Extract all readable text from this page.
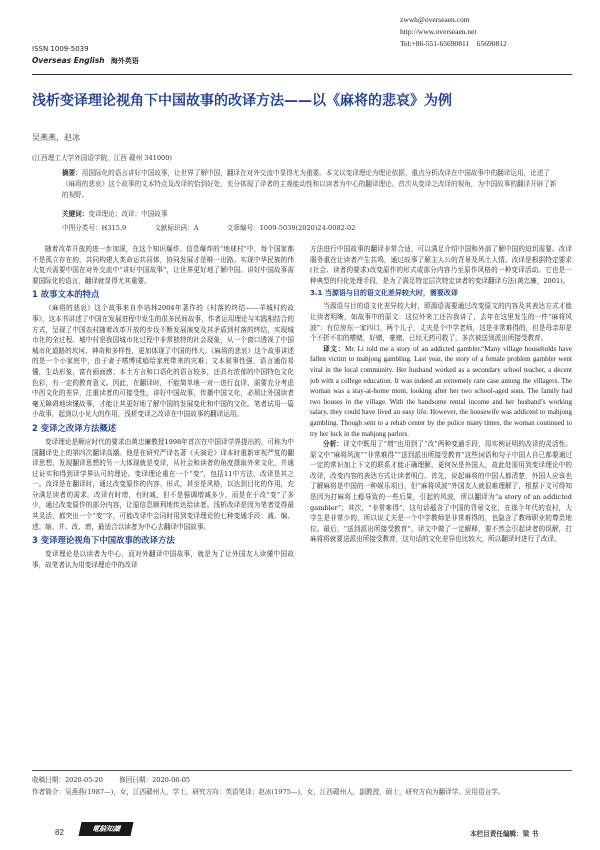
ISSN 1009-5039
Overseas English 海外英语
zwwh@overseaen.com
http://www.overseaen.net
Tel:+86-551-65690811　65690812
浅析变译理论视角下中国故事的改译方法——以《麻将的悲哀》为例
吴燕燕，赵冰
(江西理工大学外国语学院，江西 赣州 341000)
摘要：用国际化的语言讲好中国故事，让世界了解中国，翻译在对外交流中显得尤为重要。本文以变译理论为理论依据，重点分析改译在中国故事中的翻译运用，论述了《麻将的悲哀》这个故事的文本特点及改译的恰到好处，充分体现了译者的主观能动性和以读者为中心的翻译理论。首次从变译之改译的视角，为中国故事的翻译开辟了新的视野。
关键词：变译理论；改译；中国故事
中图分类号：H315.9	文献标识码：A	文章编号：1009-5039(2020)24-0082-02

随着改革开放的进一步加深，在这个知识爆炸、信息爆炸的“地球村”中，每个国家都不是孤立存在的，共同构建人类命运共同体，协同发展才是唯一出路。实现中华民族的伟大复兴需要中国在对外交流中“讲好中国故事”，让世界更好地了解中国。讲好中国故事需要国际化的语言，翻译就显得尤其重要。

1 故事文本的特点

《麻将的悲哀》这个故事来自李培林2004年著作的《村落的终结——羊城村的故事》，这本书讲述了中国在发展进程中发生的很多民间故事，作者运用理论与实践相结合的方式，呈现了中国农村随着改革开放的步伐不断发展演变及其矛盾到村落的终结，实现城市化的全过程。城中村是我国城市化过程中非常独特的社会现象，从一个窗口透视了中国城市化道路的坎坷、神奇和多样性，更加体现了中国的伟大。《麻将的悲哀》这个故事讲述的是一个小家庭中，由于妻子嗜博成瘾给家庭带来的灾难；文本叙事性强，语言通俗易懂，生动形象，富有画面感；本土方言和口语化的语言较多，还具有浓郁的中国特色文化色彩，有一定的教育意义。因此，在翻译时，不能简单地一对一进行直译，需要充分考虑中西文化的差异，注重读者的可接受性，讲好中国故事，传播中国文化，必须让外国读者毫无障碍地读懂故事，才能让其更好地了解中国的发展变化和中国的文化。笔者试用一篇小故事，起到以小见大的作用，浅析变译之改译在中国故事的翻译运用。

2 变译之改译方法概述

变译理论是顺应时代的要求由黄忠廉教授1998年首次在中国译学界提出的，可称为中国翻译史上的第四次翻译高潮。他是在研究严译名著《天演论》译本时重新审视严复的翻译思想，发现翻译思想的另一大体现就是变译，从社会和读者的角度摄取外来文化，并通过证实和得到译学界认可的理论。变译理论重在一个“变”，包括11中方法，改译是其之一。改译是在翻译时，通过改变原作的内容、形式，甚至是风格，以达到目化的作用，充分满足读者的需求。改译有时增，有时减，但不是强调增减多少，而是在于改“变”了多少，通过改变原作的部分内容，让原信息顺利地传达给读者。浅析改译是因为笔者觉得最其灵活，都突出一个“变”字，可能改译中会同时用到变译理论的七种变通手段：减、编、述、缩、并、改、增，最适合以读者为中心去翻译中国故事。

3 变译理论视角下中国故事的改译方法

变译理论是以读者为中心，而对外翻译中国故事，就是为了让外国友人读懂中国故事，故笔者认为用变译理论中的改译

方法进行中国故事的翻译非常合适，可以满足介绍中国和外部了解中国的迫切需要。改译服务重在让读者产生共鸣，通过故事了解主人公的背景及风土人情。改译是根据特定要求(社会、读者的要求)改变原作的形式或部分内容乃至原作风格的一种变译活动。它也是一种典型的归化处理手段，是为了满足特定层次特定读者的变译翻译方法(黄忠廉，2001)。

3.1 当源语与目的语文化差异较大时，需要改译

当源语与目的语文化差异较大时，即源语需要通过改变原文的内容及其表达方式才能让读者明晰，如故事中的原文：这位外来工还告我讲了，去年在这里发生的一件“麻将风波”：有位房东一家四口，两个儿子，丈夫是个中学老师，这是非常难得的，但是母亲却是个不折不扣的嗜赌，好赌，豪赌，已经无药可救了，多次被送到派出所接受教育。

译文：Mr. Li told me a story of an addicted gambler.“Many village households have fallen victim to mahjong gambling. Last year, the story of a female problem gambler went viral in the local community. Her husband worked as a secondary school teacher, a decent job with a college education. It was indeed an extremely rare case among the villagers. The woman was a stay-at-home mom, looking after her two school-aged sons. The family had two houses in the village. With the handsome rental income and her husband’s working salary, they could have lived an easy life. However, the housewife was addicted to mahjong gambling. Though sent to a rehab center by the police many times, the woman continued to try her luck in the mahjong parlors.

分析：译文中既用了“增”也用到了“改”两种变通手段，用实例证明的改译的灵活性。原文中“麻将风波”“非常难得”“送到派出所接受教育”这些词语和句子中国人自已都要通过一定的常识加上下文的联系才能正确理解，更何况是外国人，故此处需用到变译理论中的改译，改变内容的表达方式让读者明白。首先，说起麻将的中国人都清楚，外国人应该也了解麻将是中国的一种娱乐项目，但“麻将风波”外国友人就很难理解了，根据下文可得知是因为打麻将上瘾导致的一些后果，引起的风波，所以翻译为“a story of an addicted gambler”；其次，“非常难得”，这句话蕴含了中国的背景文化，在那个年代的农村，大学生是非常少的，所以说丈夫是一个中学教师是非常难得的，也隐含了教师职业的尊贵地位。最后，“送到派出所接受教育”，译文中做了一定解释，要不然会引起读者的误解，打麻将将就要送派出所接受教育，这句话的文化差异也比较大，所以翻译时进行了改译。

收稿日期：2020-05-20 修回日期：2020-06-05
作者简介：吴燕燕(1987—)，女，江西赣州人，学士，研究方向：英语笔译；赵冰(1975—)，女，江西赣州人，副教授，硕士，研究方向为翻译学、应用语言学。
82	電脳知識
本栏目责任编辑：梁 书
